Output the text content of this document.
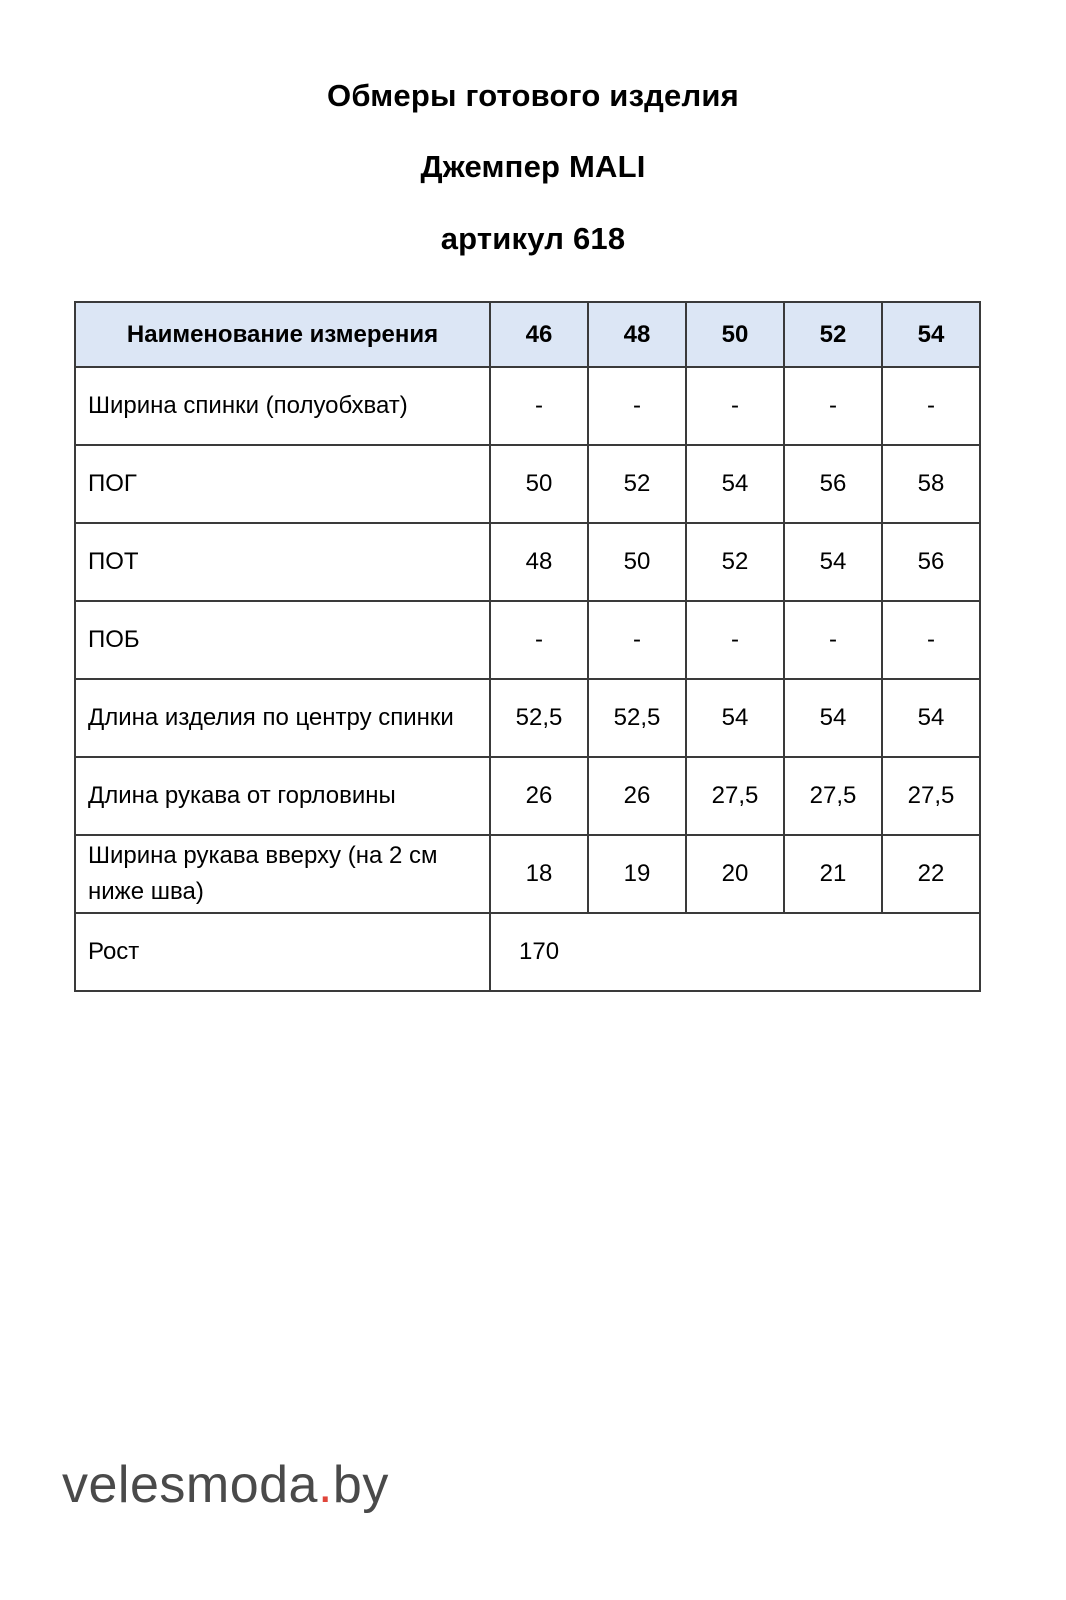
Обмеры готового изделия
Джемпер MALI
артикул 618
Наименование измерения	46	48	50	52	54
Ширина спинки (полуобхват)	-	-	-	-	-
ПОГ	50	52	54	56	58
ПОТ	48	50	52	54	56
ПОБ	-	-	-	-	-
Длина изделия по центру спинки	52,5	52,5	54	54	54
Длина рукава от горловины	26	26	27,5	27,5	27,5
Ширина рукава вверху (на 2 см ниже шва)	18	19	20	21	22
Рост	170				
velesmoda.by
